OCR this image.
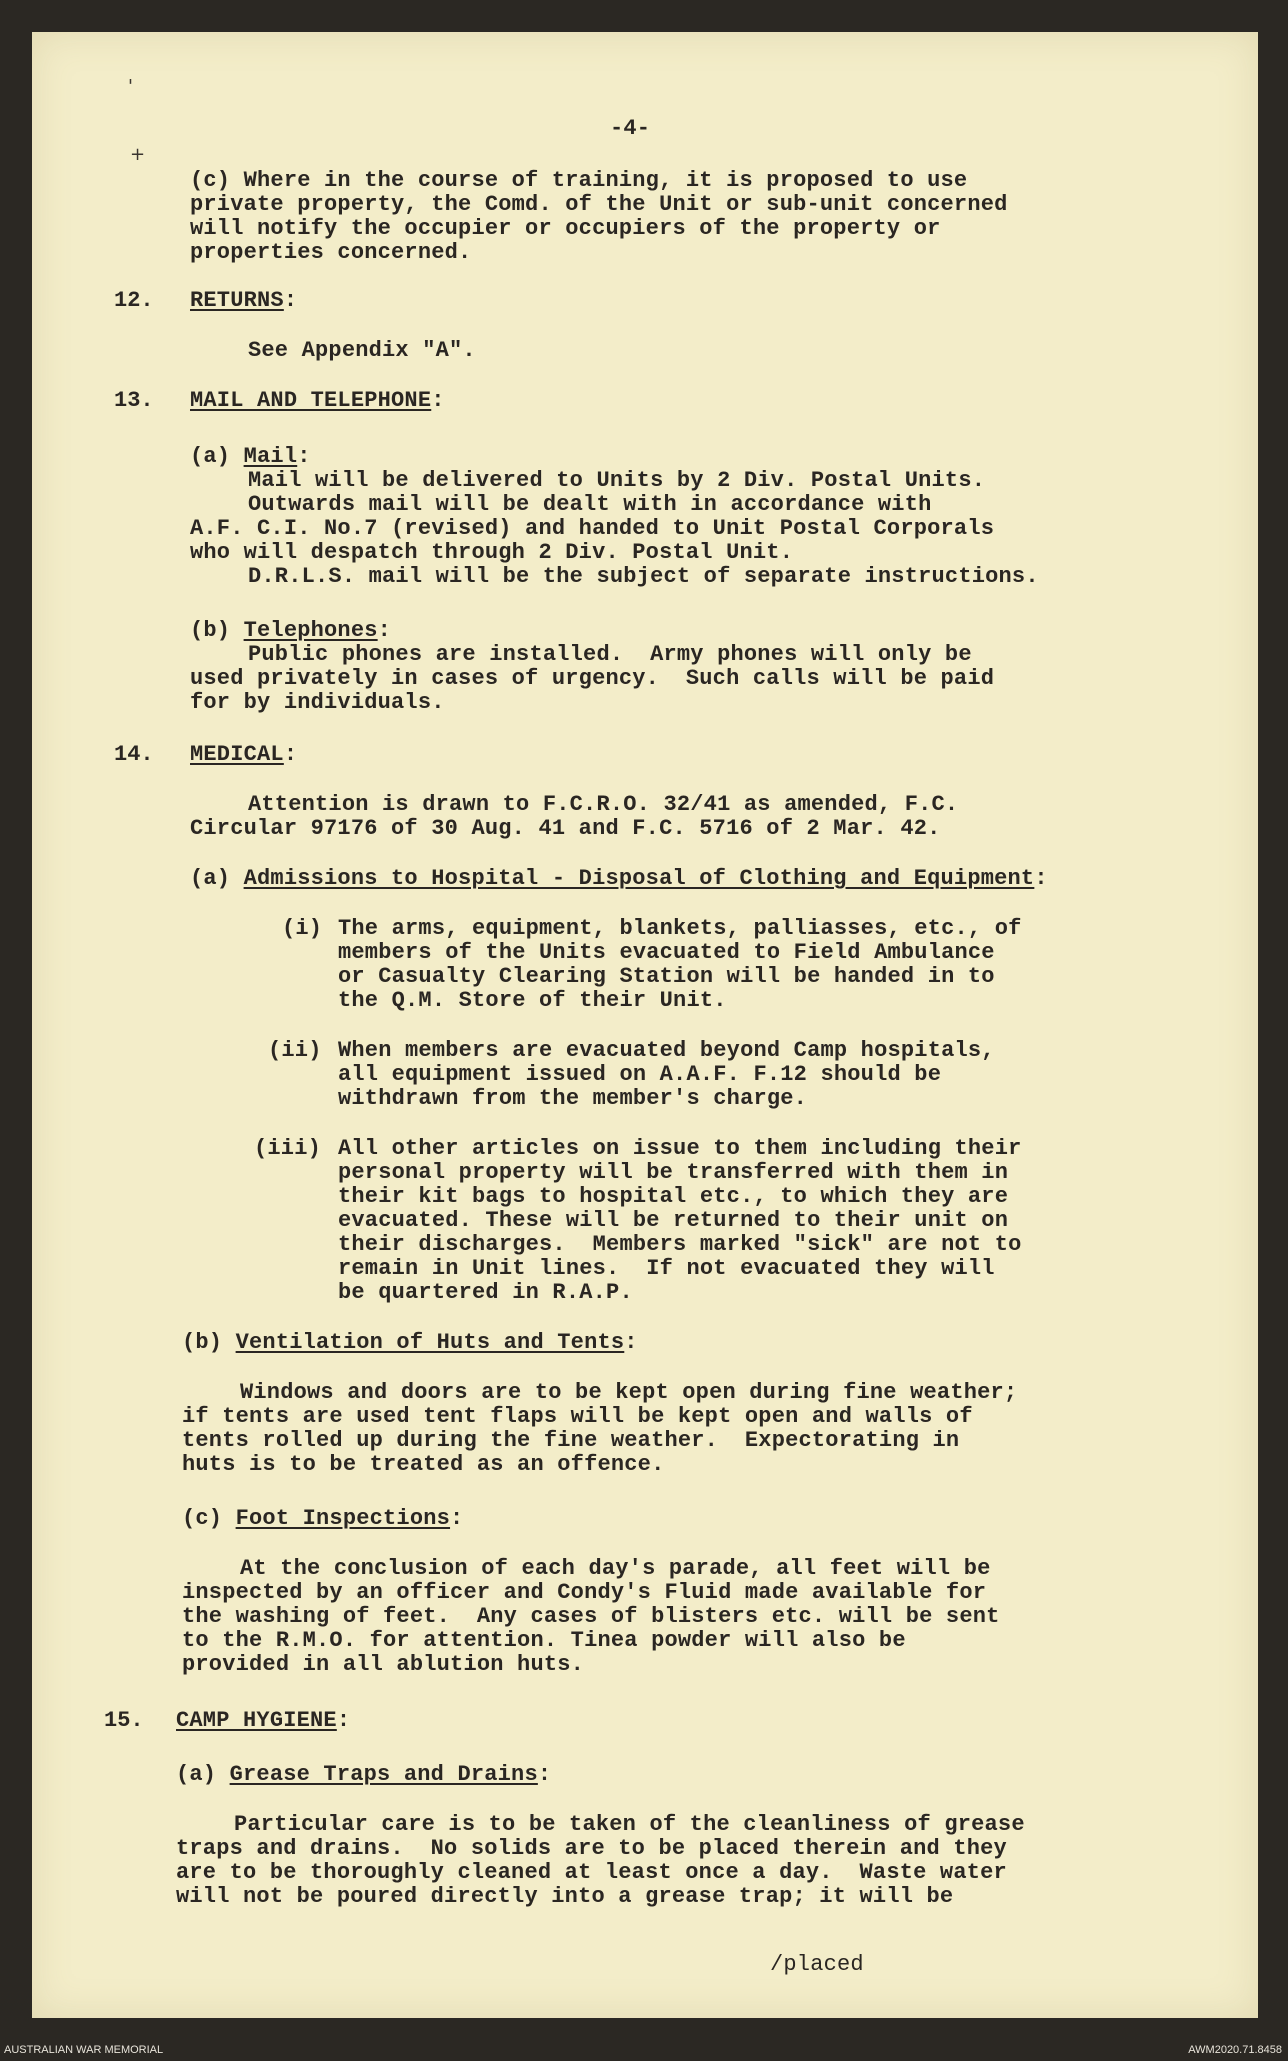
'
+

-4-

(c) Where in the course of training, it is proposed to use

private property, the Comd. of the Unit or sub-unit concerned

will notify the occupier or occupiers of the property or

properties concerned.

12. RETURNS:

See Appendix "A".

13. MAIL AND TELEPHONE:

(a) Mail:

Mail will be delivered to Units by 2 Div. Postal Units.

Outwards mail will be dealt with in accordance with

A.F. C.I. No.7 (revised) and handed to Unit Postal Corporals

who will despatch through 2 Div. Postal Unit.

D.R.L.S. mail will be the subject of separate instructions.

(b) Telephones:

Public phones are installed.  Army phones will only be

used privately in cases of urgency.  Such calls will be paid

for by individuals.

14. MEDICAL:

Attention is drawn to F.C.R.O. 32/41 as amended, F.C.

Circular 97176 of 30 Aug. 41 and F.C. 5716 of 2 Mar. 42.

(a) Admissions to Hospital - Disposal of Clothing and Equipment:

(i) The arms, equipment, blankets, palliasses, etc., of

members of the Units evacuated to Field Ambulance

or Casualty Clearing Station will be handed in to

the Q.M. Store of their Unit.

(ii) When members are evacuated beyond Camp hospitals,

all equipment issued on A.A.F. F.12 should be

withdrawn from the member's charge.

(iii) All other articles on issue to them including their

personal property will be transferred with them in

their kit bags to hospital etc., to which they are

evacuated. These will be returned to their unit on

their discharges.  Members marked "sick" are not to

remain in Unit lines.  If not evacuated they will

be quartered in R.A.P.

(b) Ventilation of Huts and Tents:

Windows and doors are to be kept open during fine weather;

if tents are used tent flaps will be kept open and walls of

tents rolled up during the fine weather.  Expectorating in

huts is to be treated as an offence.

(c) Foot Inspections:

At the conclusion of each day's parade, all feet will be

inspected by an officer and Condy's Fluid made available for

the washing of feet.  Any cases of blisters etc. will be sent

to the R.M.O. for attention. Tinea powder will also be

provided in all ablution huts.

15. CAMP HYGIENE:

(a) Grease Traps and Drains:

Particular care is to be taken of the cleanliness of grease

traps and drains.  No solids are to be placed therein and they

are to be thoroughly cleaned at least once a day.  Waste water

will not be poured directly into a grease trap; it will be

/placed

AUSTRALIAN WAR MEMORIAL	AWM2020.71.8458
